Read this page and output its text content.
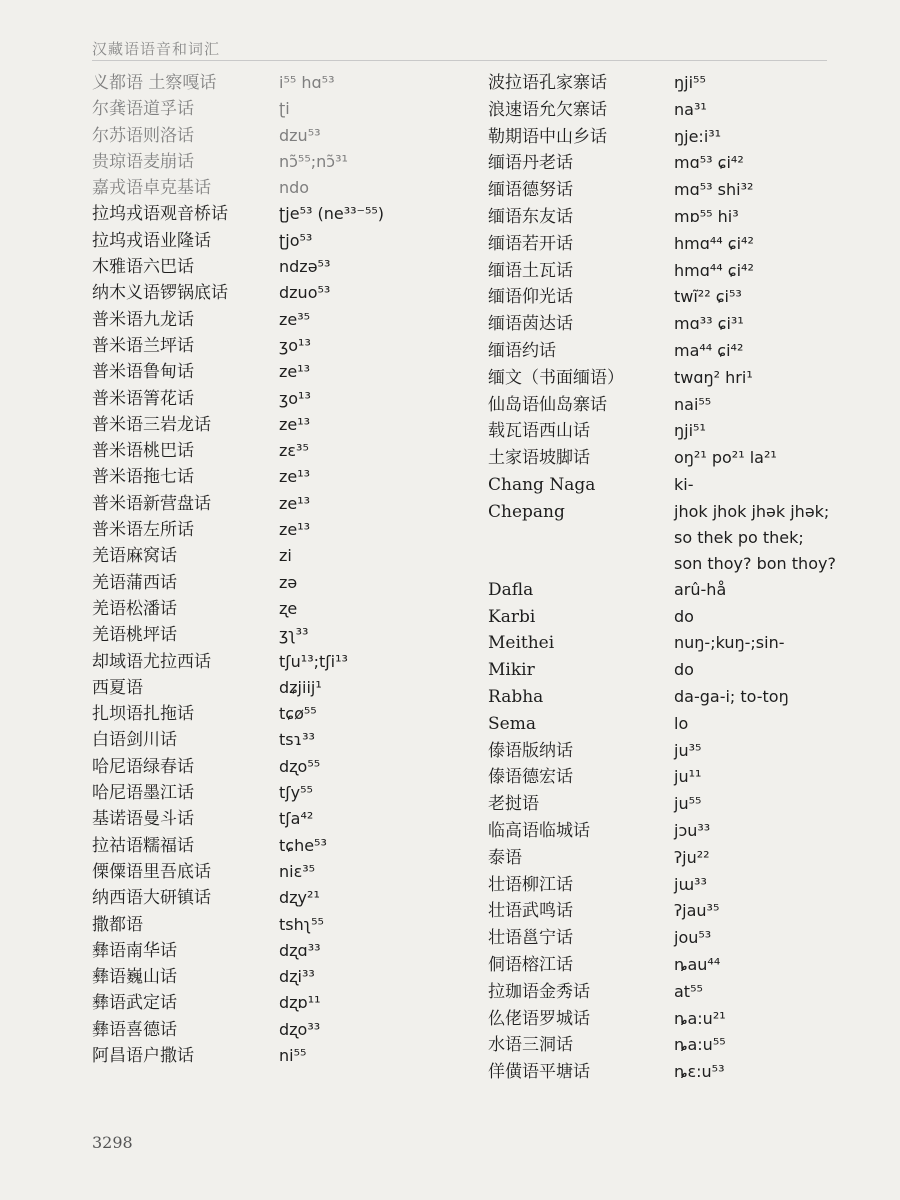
汉藏语语音和词汇
义都语 土察嘎话	i⁵⁵ hɑ⁵³
尔龚语道孚话	ʈi
尔苏语则洛话	dzu⁵³
贵琼语麦崩话	nɔ̃⁵⁵;nɔ̃³¹
嘉戎语卓克基话	ndo
拉坞戎语观音桥话	ʈje⁵³ (ne³³⁻⁵⁵)
拉坞戎语业隆话	ʈjo⁵³
木雅语六巴话	ndzə⁵³
纳木义语锣锅底话	dzuo⁵³
普米语九龙话	ze³⁵
普米语兰坪话	ʒo¹³
普米语鲁甸话	ze¹³
普米语箐花话	ʒo¹³
普米语三岩龙话	ze¹³
普米语桃巴话	zɛ³⁵
普米语拖七话	ze¹³
普米语新营盘话	ze¹³
普米语左所话	ze¹³
羌语麻窝话	zi
羌语蒲西话	zə
羌语松潘话	ʐe
羌语桃坪话	ʒʅ³³
却域语尤拉西话	tʃu¹³;tʃi¹³
西夏语	dʑjiij¹
扎坝语扎拖话	tɕø⁵⁵
白语剑川话	tsɿ³³
哈尼语绿春话	dʐo⁵⁵
哈尼语墨江话	tʃy⁵⁵
基诺语曼斗话	tʃa⁴²
拉祜语糯福话	tɕhe⁵³
傈僳语里吾底话	niɛ³⁵
纳西语大研镇话	dʐy²¹
撒都语	tshʅ⁵⁵
彝语南华话	dʐɑ³³
彝语巍山话	dʐi³³
彝语武定话	dʐɒ¹¹
彝语喜德话	dʐo³³
阿昌语户撒话	ni⁵⁵
波拉语孔家寨话	ŋji⁵⁵
浪速语允欠寨话	na³¹
勒期语中山乡话	ŋje:i³¹
缅语丹老话	mɑ⁵³ ɕi⁴²
缅语德努话	mɑ⁵³ shi³²
缅语东友话	mɒ⁵⁵ hi³
缅语若开话	hmɑ⁴⁴ ɕi⁴²
缅语土瓦话	hmɑ⁴⁴ ɕi⁴²
缅语仰光话	twĩ²² ɕi⁵³
缅语茵达话	mɑ³³ ɕi³¹
缅语约话	ma⁴⁴ ɕi⁴²
缅文（书面缅语）	twɑŋ² hri¹
仙岛语仙岛寨话	nai⁵⁵
载瓦语西山话	ŋji⁵¹
土家语坡脚话	oŋ²¹ po²¹ la²¹
Chang Naga	ki-
Chepang	jhok jhok jhək jhək;
so thek po thek;
son thoy? bon thoy?
Dafla	arû-hå
Karbi	do
Meithei	nuŋ-;kuŋ-;sin-
Mikir	do
Rabha	da-ga-i; to-toŋ
Sema	lo
傣语版纳话	ju³⁵
傣语德宏话	ju¹¹
老挝语	ju⁵⁵
临高语临城话	jɔu³³
泰语	ʔju²²
壮语柳江话	jɯ³³
壮语武鸣话	ʔjau³⁵
壮语邕宁话	jou⁵³
侗语榕江话	ȵau⁴⁴
拉珈语金秀话	at⁵⁵
仫佬语罗城话	ȵa:u²¹
水语三洞话	ȵa:u⁵⁵
佯僙语平塘话	ȵɛ:u⁵³
3298
